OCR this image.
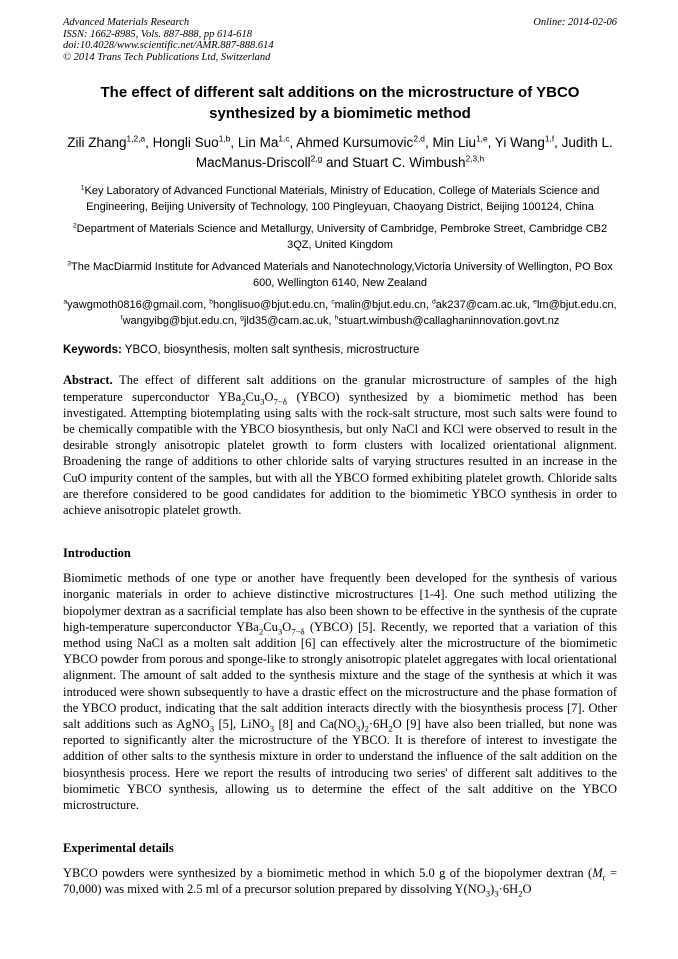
Advanced Materials Research
ISSN: 1662-8985, Vols. 887-888, pp 614-618
doi:10.4028/www.scientific.net/AMR.887-888.614
© 2014 Trans Tech Publications Ltd, Switzerland
Online: 2014-02-06
The effect of different salt additions on the microstructure of YBCO synthesized by a biomimetic method

Zili Zhang$^{1,2,a}$, Hongli Suo$^{1,b}$, Lin Ma$^{1,c}$, Ahmed Kursumovic$^{2,d}$, Min Liu$^{1,e}$, Yi Wang$^{1,f}$, Judith L. MacManus-Driscoll$^{2,g}$ and Stuart C. Wimbush$^{2,3,h}$

$^1$Key Laboratory of Advanced Functional Materials, Ministry of Education, College of Materials Science and Engineering, Beijing University of Technology, 100 Pingleyuan, Chaoyang District, Beijing 100124, China

$^2$Department of Materials Science and Metallurgy, University of Cambridge, Pembroke Street, Cambridge CB2 3QZ, United Kingdom

$^3$The MacDiarmid Institute for Advanced Materials and Nanotechnology,Victoria University of Wellington, PO Box 600, Wellington 6140, New Zealand

$^a$yawgmoth0816@gmail.com, $^b$honglisuo@bjut.edu.cn, $^c$malin@bjut.edu.cn, $^d$ak237@cam.ac.uk, $^e$lm@bjut.edu.cn, $^f$wangyibg@bjut.edu.cn, $^g$jld35@cam.ac.uk, $^h$stuart.wimbush@callaghaninnovation.govt.nz

Keywords: YBCO, biosynthesis, molten salt synthesis, microstructure

Abstract. The effect of different salt additions on the granular microstructure of samples of the high temperature superconductor $YBa_2Cu_3O_{7-\delta}$ (YBCO) synthesized by a biomimetic method has been investigated. Attempting biotemplating using salts with the rock-salt structure, most such salts were found to be chemically compatible with the YBCO biosynthesis, but only NaCl and KCl were observed to result in the desirable strongly anisotropic platelet growth to form clusters with localized orientational alignment. Broadening the range of additions to other chloride salts of varying structures resulted in an increase in the CuO impurity content of the samples, but with all the YBCO formed exhibiting platelet growth. Chloride salts are therefore considered to be good candidates for addition to the biomimetic YBCO synthesis in order to achieve anisotropic platelet growth.

Introduction

Biomimetic methods of one type or another have frequently been developed for the synthesis of various inorganic materials in order to achieve distinctive microstructures [1-4]. One such method utilizing the biopolymer dextran as a sacrificial template has also been shown to be effective in the synthesis of the cuprate high-temperature superconductor $YBa_2Cu_3O_{7-\delta}$ (YBCO) [5]. Recently, we reported that a variation of this method using NaCl as a molten salt addition [6] can effectively alter the microstructure of the biomimetic YBCO powder from porous and sponge-like to strongly anisotropic platelet aggregates with local orientational alignment. The amount of salt added to the synthesis mixture and the stage of the synthesis at which it was introduced were shown subsequently to have a drastic effect on the microstructure and the phase formation of the YBCO product, indicating that the salt addition interacts directly with the biosynthesis process [7]. Other salt additions such as AgNO$_3$ [5], LiNO$_3$ [8] and $Ca(NO_3)_2\cdot 6H_2O$ [9] have also been trialled, but none was reported to significantly alter the microstructure of the YBCO. It is therefore of interest to investigate the addition of other salts to the synthesis mixture in order to understand the influence of the salt addition on the biosynthesis process. Here we report the results of introducing two series' of different salt additives to the biomimetic YBCO synthesis, allowing us to determine the effect of the salt additive on the YBCO microstructure.

Experimental details

YBCO powders were synthesized by a biomimetic method in which 5.0 g of the biopolymer dextran $(M_r = 70,000)$ was mixed with 2.5 ml of a precursor solution prepared by dissolving $Y(NO_3)_3\cdot 6H_2O$
